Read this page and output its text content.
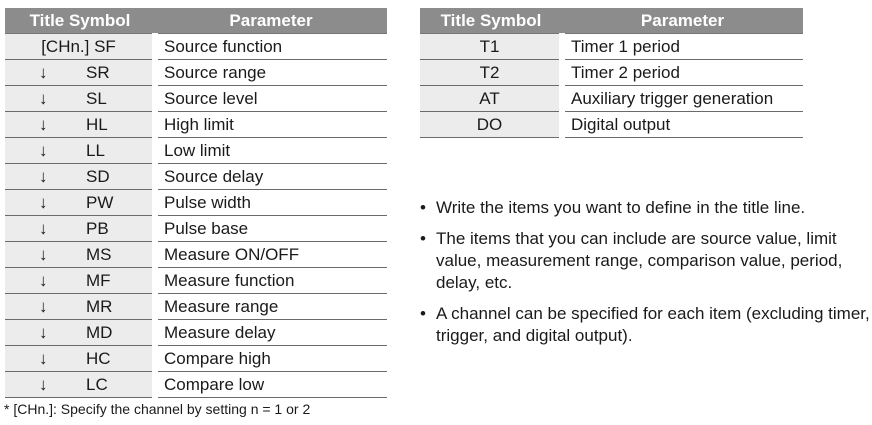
Title Symbol	Parameter

[CHn.] SF	Source function

↓ SR	Source range

↓ SL	Source level

↓ HL	High limit

↓ LL	Low limit

↓ SD	Source delay

↓ PW	Pulse width

↓ PB	Pulse base

↓ MS	Measure ON/OFF

↓ MF	Measure function

↓ MR	Measure range

↓ MD	Measure delay

↓ HC	Compare high

↓ LC	Compare low
* [CHn.]: Specify the channel by setting n = 1 or 2
Title Symbol	Parameter
T1	Timer 1 period
T2	Timer 2 period
AT	Auxiliary trigger generation
DO	Digital output
• Write the items you want to define in the title line.
• The items that you can include are source value, limit value, measurement range, comparison value, period, delay, etc.
• A channel can be specified for each item (excluding timer, trigger, and digital output).
